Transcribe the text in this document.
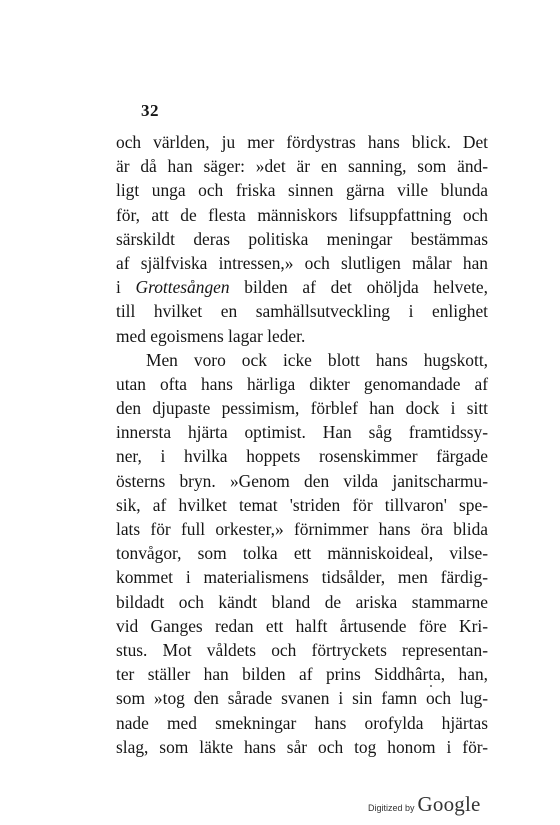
32
och världen, ju mer fördystras hans blick. Det
är då han säger: »det är en sanning, som änd-
ligt unga och friska sinnen gärna ville blunda
för, att de flesta människors lifsuppfattning och
särskildt deras politiska meningar bestämmas
af själfviska intressen,» och slutligen målar han
i Grottesången bilden af det ohöljda helvete,
till hvilket en samhällsutveckling i enlighet
med egoismens lagar leder.
Men voro ock icke blott hans hugskott,
utan ofta hans härliga dikter genomandade af
den djupaste pessimism, förblef han dock i sitt
innersta hjärta optimist. Han såg framtidssy-
ner, i hvilka hoppets rosenskimmer färgade
österns bryn. »Genom den vilda janitscharmu-
sik, af hvilket temat 'striden för tillvaron' spe-
lats för full orkester,» förnimmer hans öra blida
tonvågor, som tolka ett människoideal, vilse-
kommet i materialismens tidsålder, men färdig-
bildadt och kändt bland de ariska stammarne
vid Ganges redan ett halft årtusende före Kri-
stus. Mot våldets och förtryckets representan-
ter ställer han bilden af prins Siddhârta, han,
som »tog den sårade svanen i sin famn och lug-
nade med smekningar hans orofylda hjärtas
slag, som läkte hans sår och tog honom i för-
Digitized by Google
